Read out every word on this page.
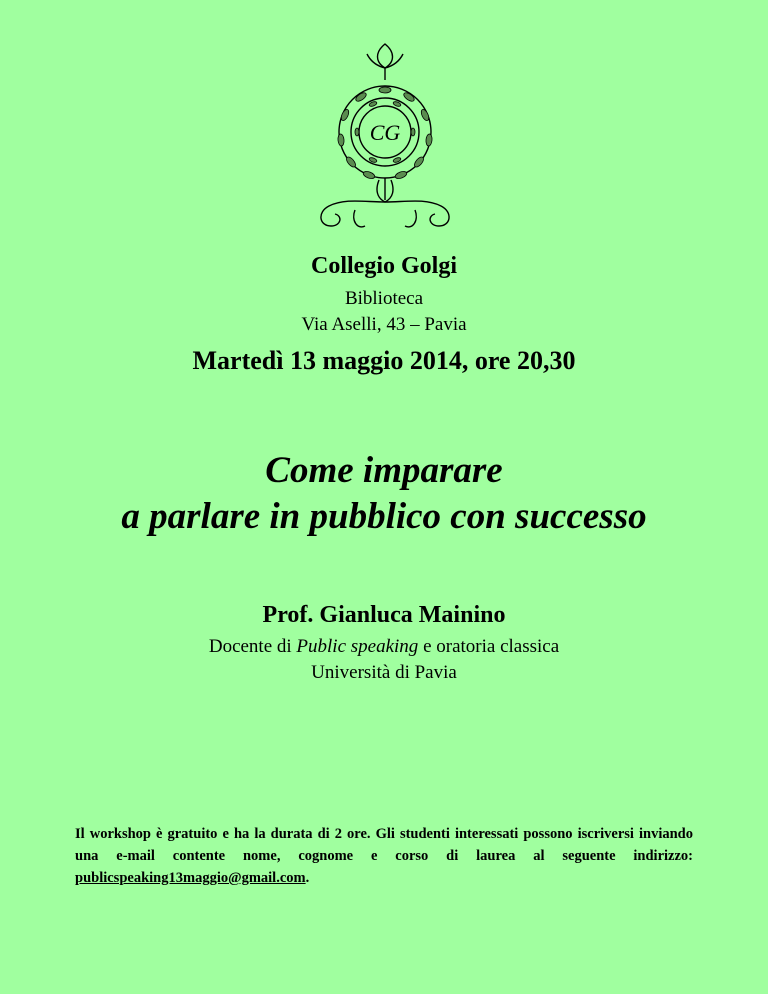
CG
Collegio Golgi
Biblioteca
Via Aselli, 43 – Pavia
Martedì 13 maggio 2014, ore 20,30
Come imparare
a parlare in pubblico con successo
Prof. Gianluca Mainino
Docente di Public speaking e oratoria classica
Università di Pavia
Il workshop è gratuito e ha la durata di 2 ore. Gli studenti interessati possono iscriversi inviando una e-mail contente nome, cognome e corso di laurea al seguente indirizzo: publicspeaking13maggio@gmail.com.
